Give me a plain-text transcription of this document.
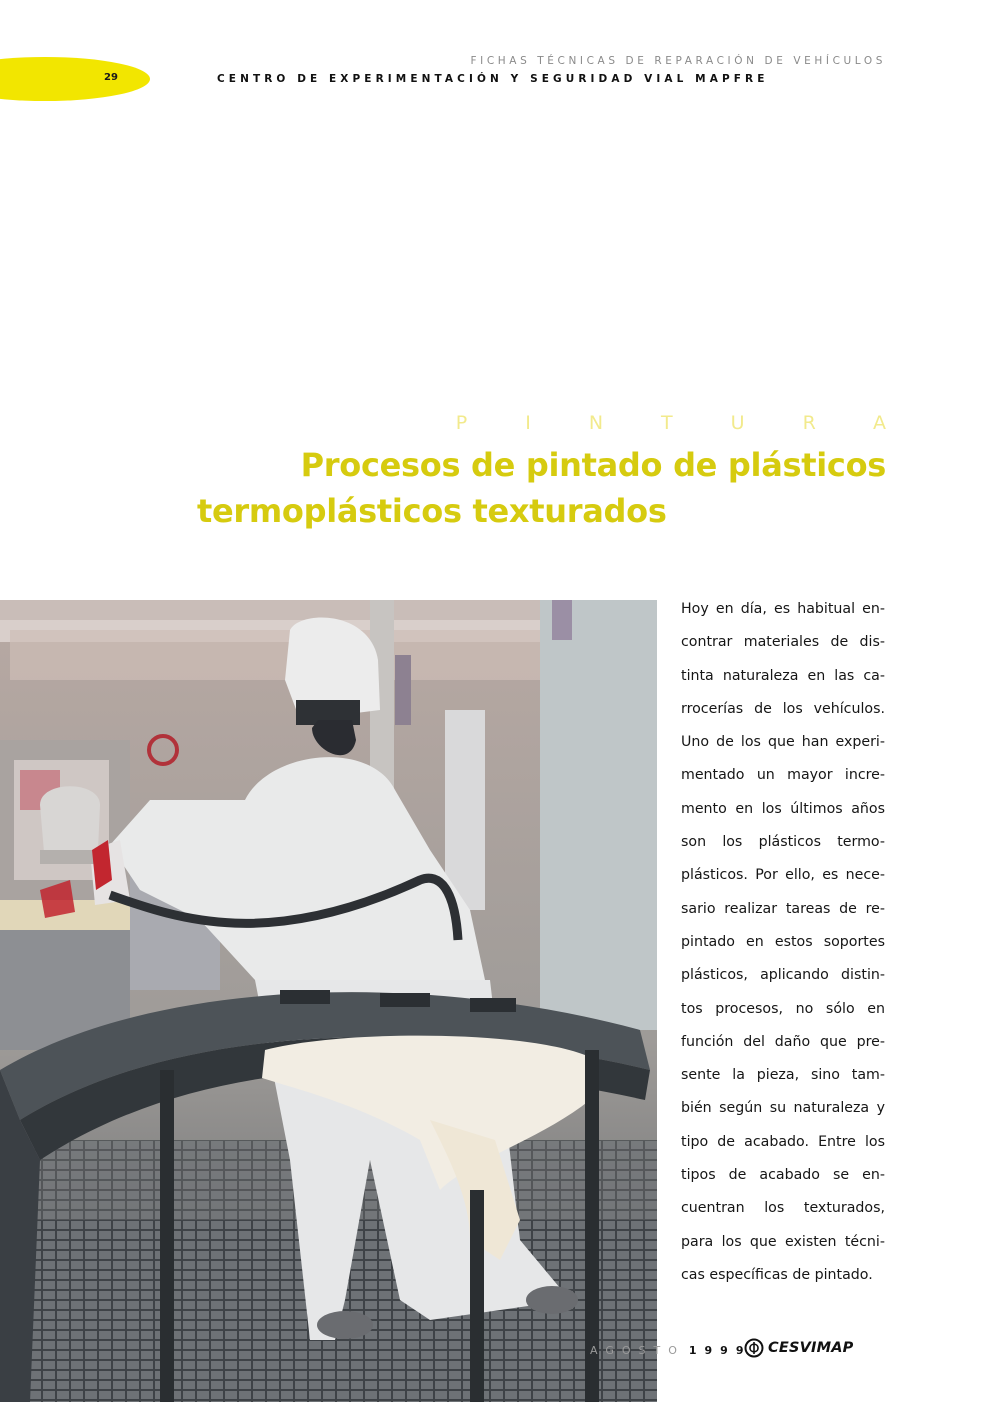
29
FICHAS TÉCNICAS DE REPARACIÓN DE VEHÍCULOS
CENTRO DE EXPERIMENTACIÓN Y SEGURIDAD VIAL MAPFRE
PINTURA
Procesos de pintado de plásticos
termoplásticos texturados
Hoy en día, es habitual en-
contrar materiales de dis-
tinta naturaleza en las ca-
rrocerías de los vehículos.
Uno de los que han experi-
mentado un mayor incre-
mento en los últimos años
son los plásticos termo-
plásticos. Por ello, es nece-
sario realizar tareas de re-
pintado en estos soportes
plásticos, aplicando distin-
tos procesos, no sólo en
función del daño que pre-
sente la pieza, sino tam-
bién según su naturaleza y
tipo de acabado. Entre los
tipos de acabado se en-
cuentran los texturados,
para los que existen técni-
cas específicas de pintado.
AGOSTO 1999 CESVIMAP
